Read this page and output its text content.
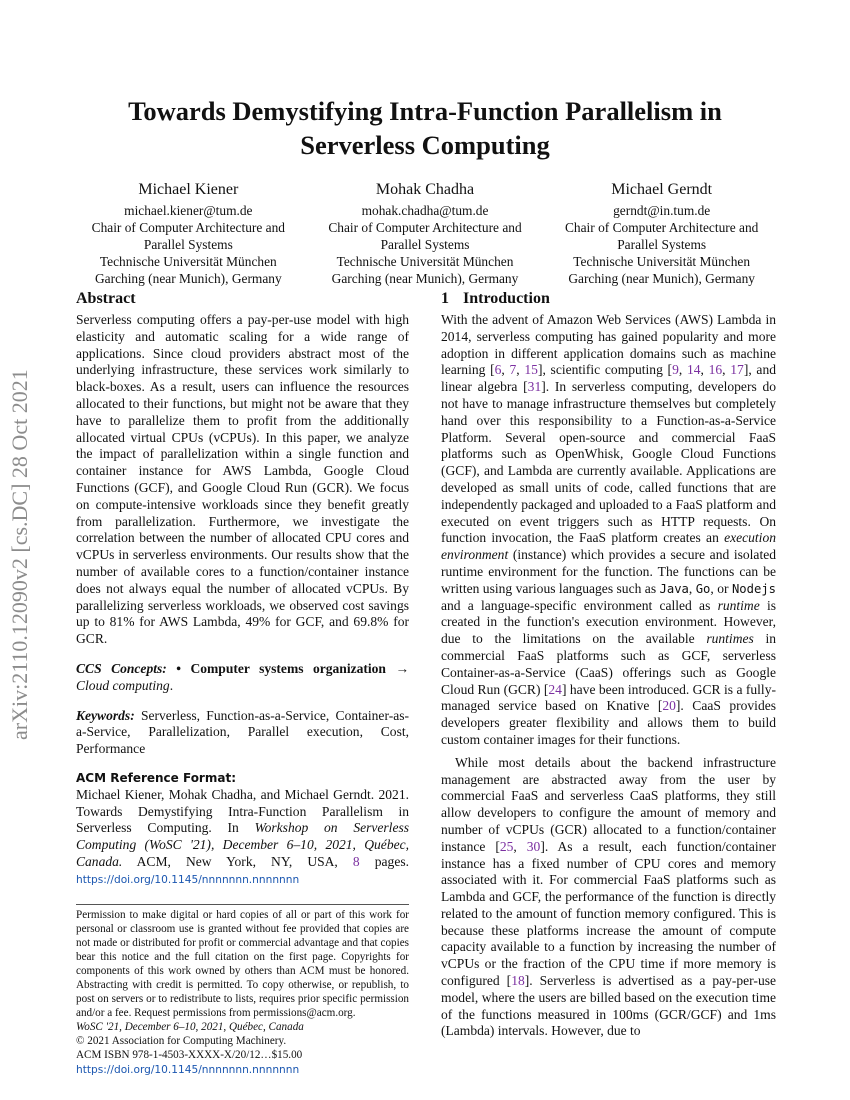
Towards Demystifying Intra-Function Parallelism in
Serverless Computing
Michael Kiener
michael.kiener@tum.de
Chair of Computer Architecture and
Parallel Systems
Technische Universität München
Garching (near Munich), Germany
Mohak Chadha
mohak.chadha@tum.de
Chair of Computer Architecture and
Parallel Systems
Technische Universität München
Garching (near Munich), Germany
Michael Gerndt
gerndt@in.tum.de
Chair of Computer Architecture and
Parallel Systems
Technische Universität München
Garching (near Munich), Germany
arXiv:2110.12090v2 [cs.DC] 28 Oct 2021
Abstract

Serverless computing offers a pay-per-use model with high elasticity and automatic scaling for a wide range of applications. Since cloud providers abstract most of the underlying infrastructure, these services work similarly to black-boxes. As a result, users can influence the resources allocated to their functions, but might not be aware that they have to parallelize them to profit from the additionally allocated virtual CPUs (vCPUs). In this paper, we analyze the impact of parallelization within a single function and container instance for AWS Lambda, Google Cloud Functions (GCF), and Google Cloud Run (GCR). We focus on compute-intensive workloads since they benefit greatly from parallelization. Furthermore, we investigate the correlation between the number of allocated CPU cores and vCPUs in serverless environments. Our results show that the number of available cores to a function/container instance does not always equal the number of allocated vCPUs. By parallelizing serverless workloads, we observed cost savings up to 81% for AWS Lambda, 49% for GCF, and 69.8% for GCR.

CCS Concepts: • Computer systems organization → Cloud computing.

Keywords: Serverless, Function-as-a-Service, Container-as-a-Service, Parallelization, Parallel execution, Cost, Performance

ACM Reference Format:

Michael Kiener, Mohak Chadha, and Michael Gerndt. 2021. Towards Demystifying Intra-Function Parallelism in Serverless Computing. In Workshop on Serverless Computing (WoSC '21), December 6–10, 2021, Québec, Canada. ACM, New York, NY, USA, 8 pages. https://doi.org/10.1145/nnnnnnn.nnnnnnn

Permission to make digital or hard copies of all or part of this work for personal or classroom use is granted without fee provided that copies are not made or distributed for profit or commercial advantage and that copies bear this notice and the full citation on the first page. Copyrights for components of this work owned by others than ACM must be honored. Abstracting with credit is permitted. To copy otherwise, or republish, to post on servers or to redistribute to lists, requires prior specific permission and/or a fee. Request permissions from permissions@acm.org.

WoSC '21, December 6–10, 2021, Québec, Canada
© 2021 Association for Computing Machinery.
ACM ISBN 978-1-4503-XXXX-X/20/12…$15.00
https://doi.org/10.1145/nnnnnnn.nnnnnnn
1 Introduction

With the advent of Amazon Web Services (AWS) Lambda in 2014, serverless computing has gained popularity and more adoption in different application domains such as machine learning [6, 7, 15], scientific computing [9, 14, 16, 17], and linear algebra [31]. In serverless computing, developers do not have to manage infrastructure themselves but completely hand over this responsibility to a Function-as-a-Service Platform. Several open-source and commercial FaaS platforms such as OpenWhisk, Google Cloud Functions (GCF), and Lambda are currently available. Applications are developed as small units of code, called functions that are independently packaged and uploaded to a FaaS platform and executed on event triggers such as HTTP requests. On function invocation, the FaaS platform creates an execution environment (instance) which provides a secure and isolated runtime environment for the function. The functions can be written using various languages such as Java, Go, or Nodejs and a language-specific environment called as runtime is created in the function's execution environment. However, due to the limitations on the available runtimes in commercial FaaS platforms such as GCF, serverless Container-as-a-Service (CaaS) offerings such as Google Cloud Run (GCR) [24] have been introduced. GCR is a fully-managed service based on Knative [20]. CaaS provides developers greater flexibility and allows them to build custom container images for their functions.

While most details about the backend infrastructure management are abstracted away from the user by commercial FaaS and serverless CaaS platforms, they still allow developers to configure the amount of memory and number of vCPUs (GCR) allocated to a function/container instance [25, 30]. As a result, each function/container instance has a fixed number of CPU cores and memory associated with it. For commercial FaaS platforms such as Lambda and GCF, the performance of the function is directly related to the amount of function memory configured. This is because these platforms increase the amount of compute capacity available to a function by increasing the number of vCPUs or the fraction of the CPU time if more memory is configured [18]. Serverless is advertised as a pay-per-use model, where the users are billed based on the execution time of the functions measured in 100ms (GCR/GCF) and 1ms (Lambda) intervals. However, due to
